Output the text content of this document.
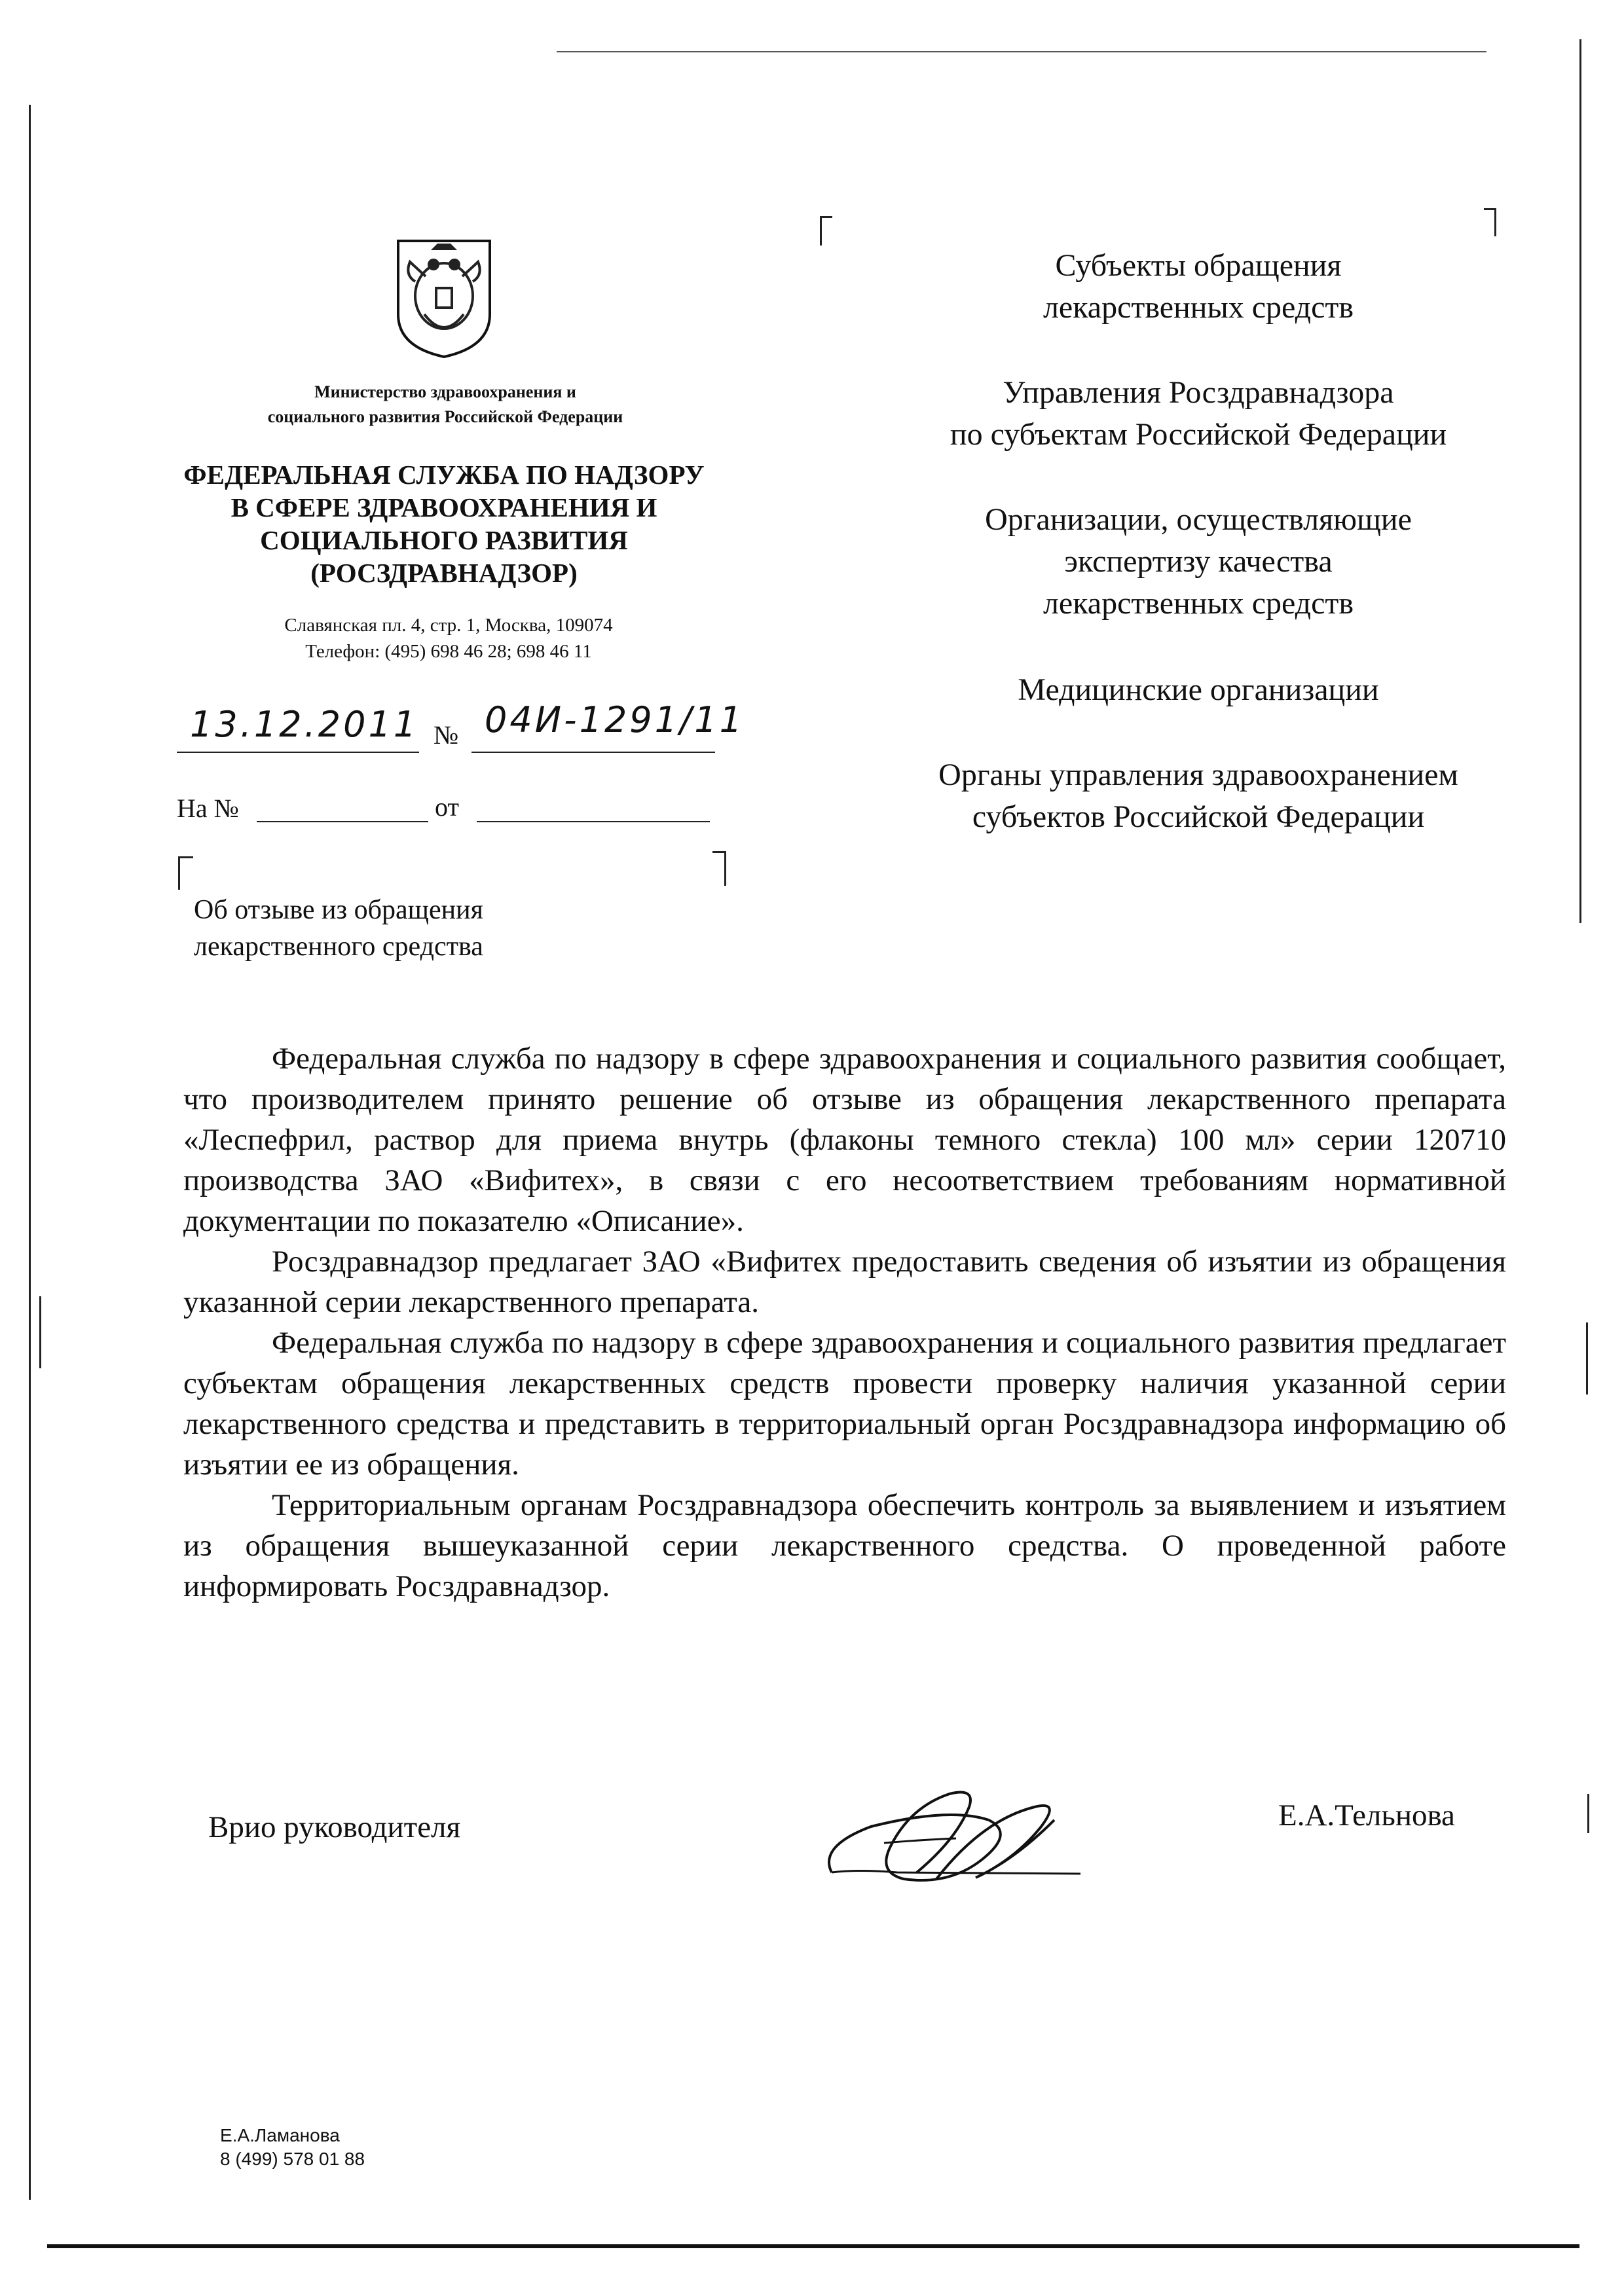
Министерство здравоохранения и
социального развития Российской Федерации
ФЕДЕРАЛЬНАЯ СЛУЖБА ПО НАДЗОРУ
В СФЕРЕ ЗДРАВООХРАНЕНИЯ И
СОЦИАЛЬНОГО РАЗВИТИЯ
(РОСЗДРАВНАДЗОР)
Славянская пл. 4, стр. 1, Москва, 109074
Телефон: (495) 698 46 28; 698 46 11
13.12.2011 № 04И-1291/11
На №	от
Об отзыве из обращения
лекарственного средства
Субъекты обращения
лекарственных средств
Управления Росздравнадзора
по субъектам Российской Федерации
Организации, осуществляющие
экспертизу качества
лекарственных средств
Медицинские организации
Органы управления здравоохранением
субъектов Российской Федерации

Федеральная служба по надзору в сфере здравоохранения и социального развития сообщает, что производителем принято решение об отзыве из обращения лекарственного препарата «Леспефрил, раствор для приема внутрь (флаконы темного стекла) 100 мл» серии 120710 производства ЗАО «Вифитех», в связи с его несоответствием требованиям нормативной документации по показателю «Описание».

Росздравнадзор предлагает ЗАО «Вифитех предоставить сведения об изъятии из обращения указанной серии лекарственного препарата.

Федеральная служба по надзору в сфере здравоохранения и социального развития предлагает субъектам обращения лекарственных средств провести проверку наличия указанной серии лекарственного средства и представить в территориальный орган Росздравнадзора информацию об изъятии ее из обращения.

Территориальным органам Росздравнадзора обеспечить контроль за выявлением и изъятием из обращения вышеуказанной серии лекарственного средства. О проведенной работе информировать Росздравнадзор.

Врио руководителя	Е.А.Тельнова
Е.А.Ламанова
8 (499) 578 01 88
